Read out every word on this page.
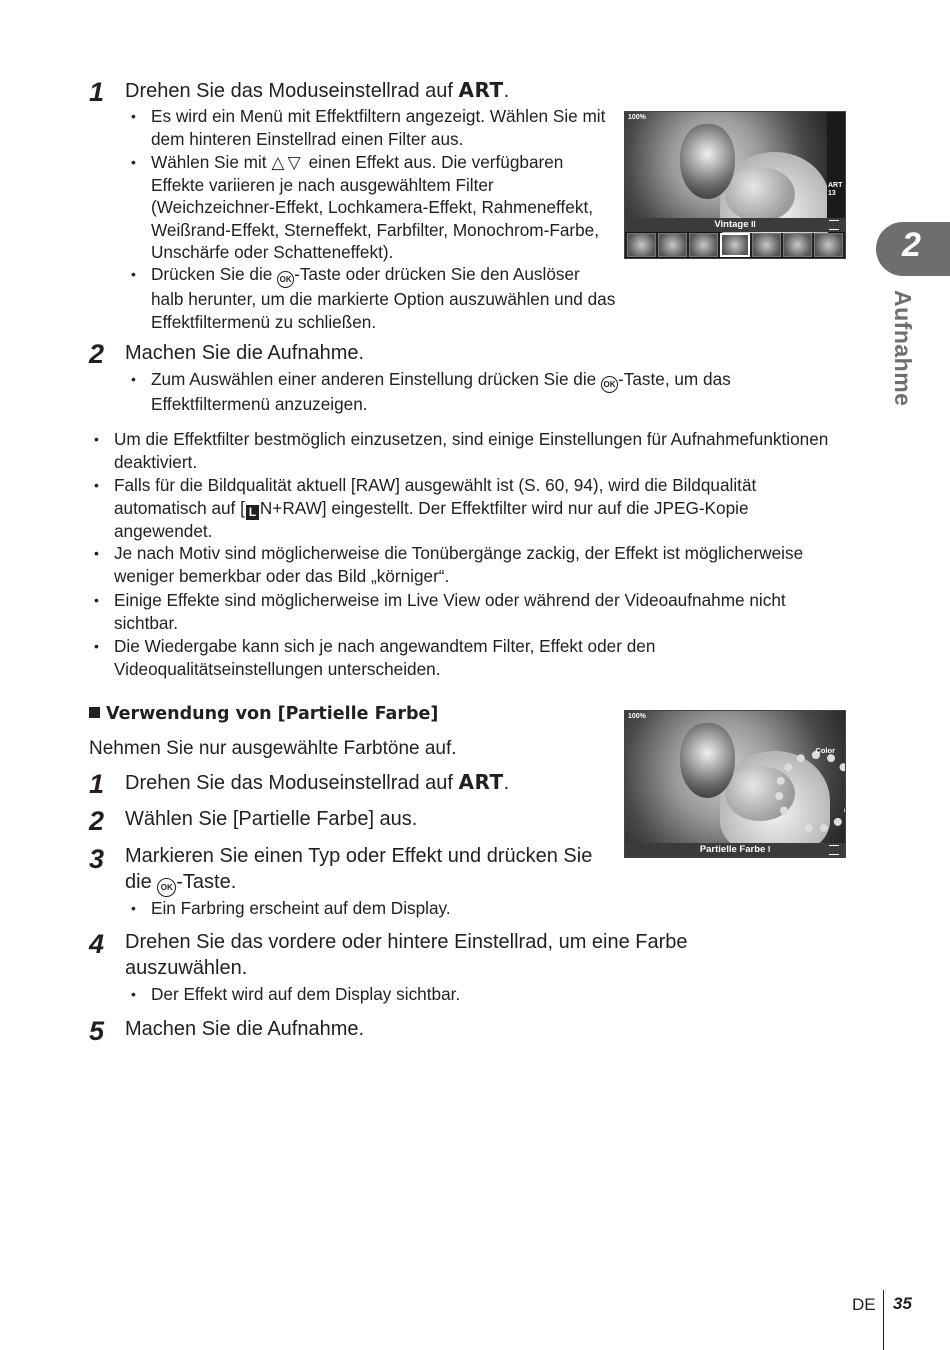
1 Drehen Sie das Moduseinstellrad auf ART.
• Es wird ein Menü mit Effektfiltern angezeigt. Wählen Sie mit dem hinteren Einstellrad einen Filter aus.
• Wählen Sie mit △▽ einen Effekt aus. Die verfügbaren Effekte variieren je nach ausgewähltem Filter (Weichzeichner-Effekt, Lochkamera-Effekt, Rahmeneffekt, Weißrand-Effekt, Sterneffekt, Farbfilter, Monochrom-Farbe, Unschärfe oder Schatteneffekt).
• Drücken Sie die OK -Taste oder drücken Sie den Auslöser halb herunter, um die markierte Option auszuwählen und das Effektfiltermenü zu schließen.
100%
ART 13
Vintage II
2
Aufnahme
2 Machen Sie die Aufnahme.
• Zum Auswählen einer anderen Einstellung drücken Sie die OK -Taste, um das Effektfiltermenü anzuzeigen.
• Um die Effektfilter bestmöglich einzusetzen, sind einige Einstellungen für Aufnahmefunktionen deaktiviert.
• Falls für die Bildqualität aktuell [RAW] ausgewählt ist (S. 60, 94), wird die Bildqualität automatisch auf [ L N+RAW] eingestellt. Der Effektfilter wird nur auf die JPEG-Kopie angewendet.
• Je nach Motiv sind möglicherweise die Tonübergänge zackig, der Effekt ist möglicherweise weniger bemerkbar oder das Bild „körniger“.
• Einige Effekte sind möglicherweise im Live View oder während der Videoaufnahme nicht sichtbar.
• Die Wiedergabe kann sich je nach angewandtem Filter, Effekt oder den Videoqualitätseinstellungen unterscheiden.
Verwendung von [Partielle Farbe]
Nehmen Sie nur ausgewählte Farbtöne auf.
100%
Color
Partielle Farbe I
1 Drehen Sie das Moduseinstellrad auf ART.
2 Wählen Sie [Partielle Farbe] aus.
3 Markieren Sie einen Typ oder Effekt und drücken Sie die OK -Taste.
• Ein Farbring erscheint auf dem Display.
4 Drehen Sie das vordere oder hintere Einstellrad, um eine Farbe auszuwählen.
• Der Effekt wird auf dem Display sichtbar.
5 Machen Sie die Aufnahme.
DE 35
